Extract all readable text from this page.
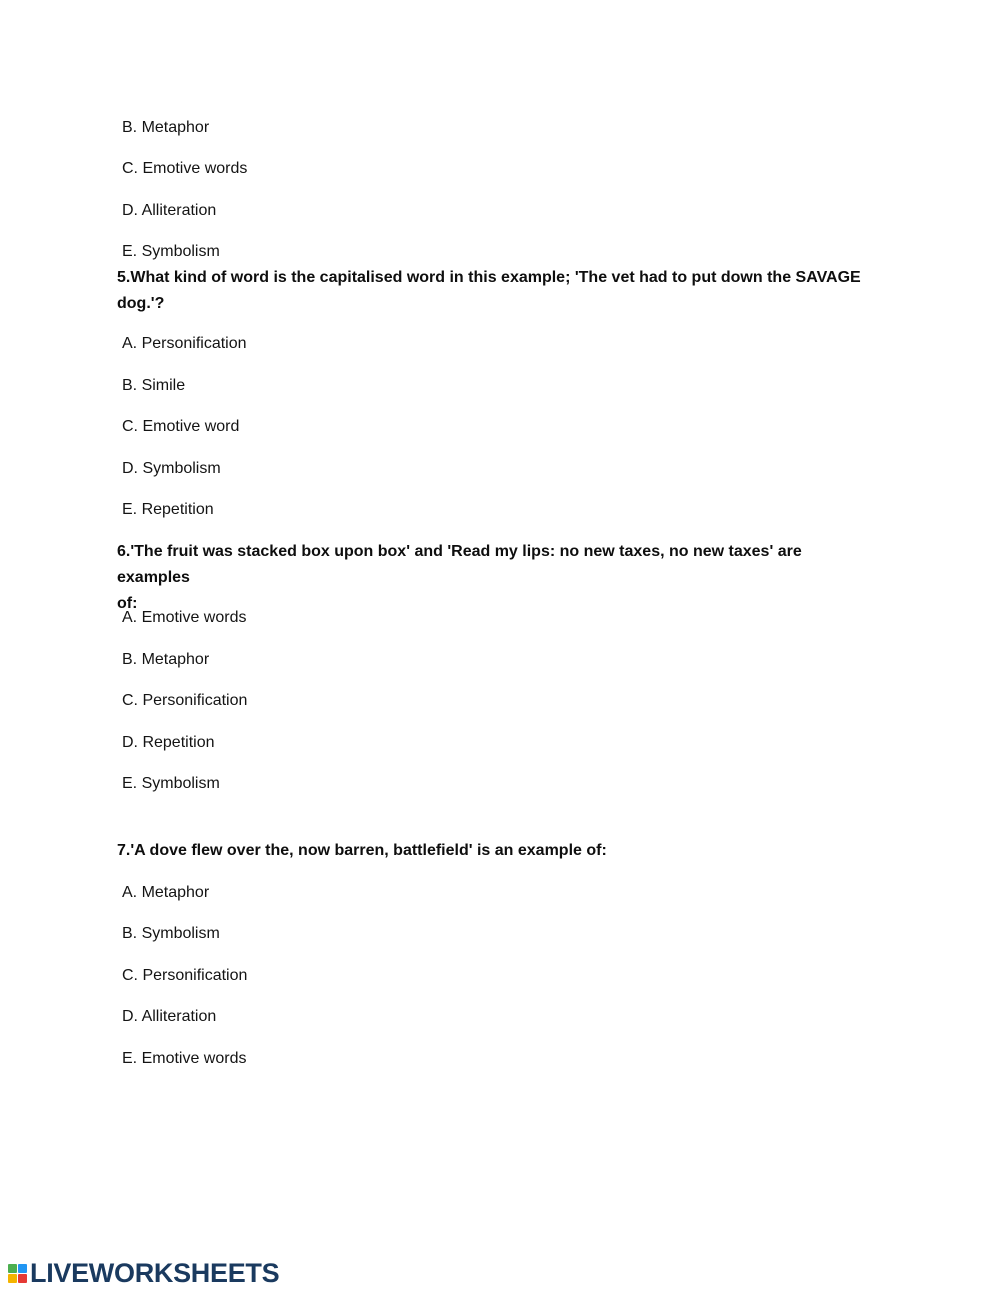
B. Metaphor
C. Emotive words
D. Alliteration
E. Symbolism
5.What kind of word is the capitalised word in this example; 'The vet had to put down the SAVAGE
dog.'?
A. Personification
B. Simile
C. Emotive word
D. Symbolism
E. Repetition
6.'The fruit was stacked box upon box' and 'Read my lips: no new taxes, no new taxes' are examples
of:
A. Emotive words
B. Metaphor
C. Personification
D. Repetition
E. Symbolism
7.'A dove flew over the, now barren, battlefield' is an example of:
A. Metaphor
B. Symbolism
C. Personification
D. Alliteration
E. Emotive words
LIVEWORKSHEETS
